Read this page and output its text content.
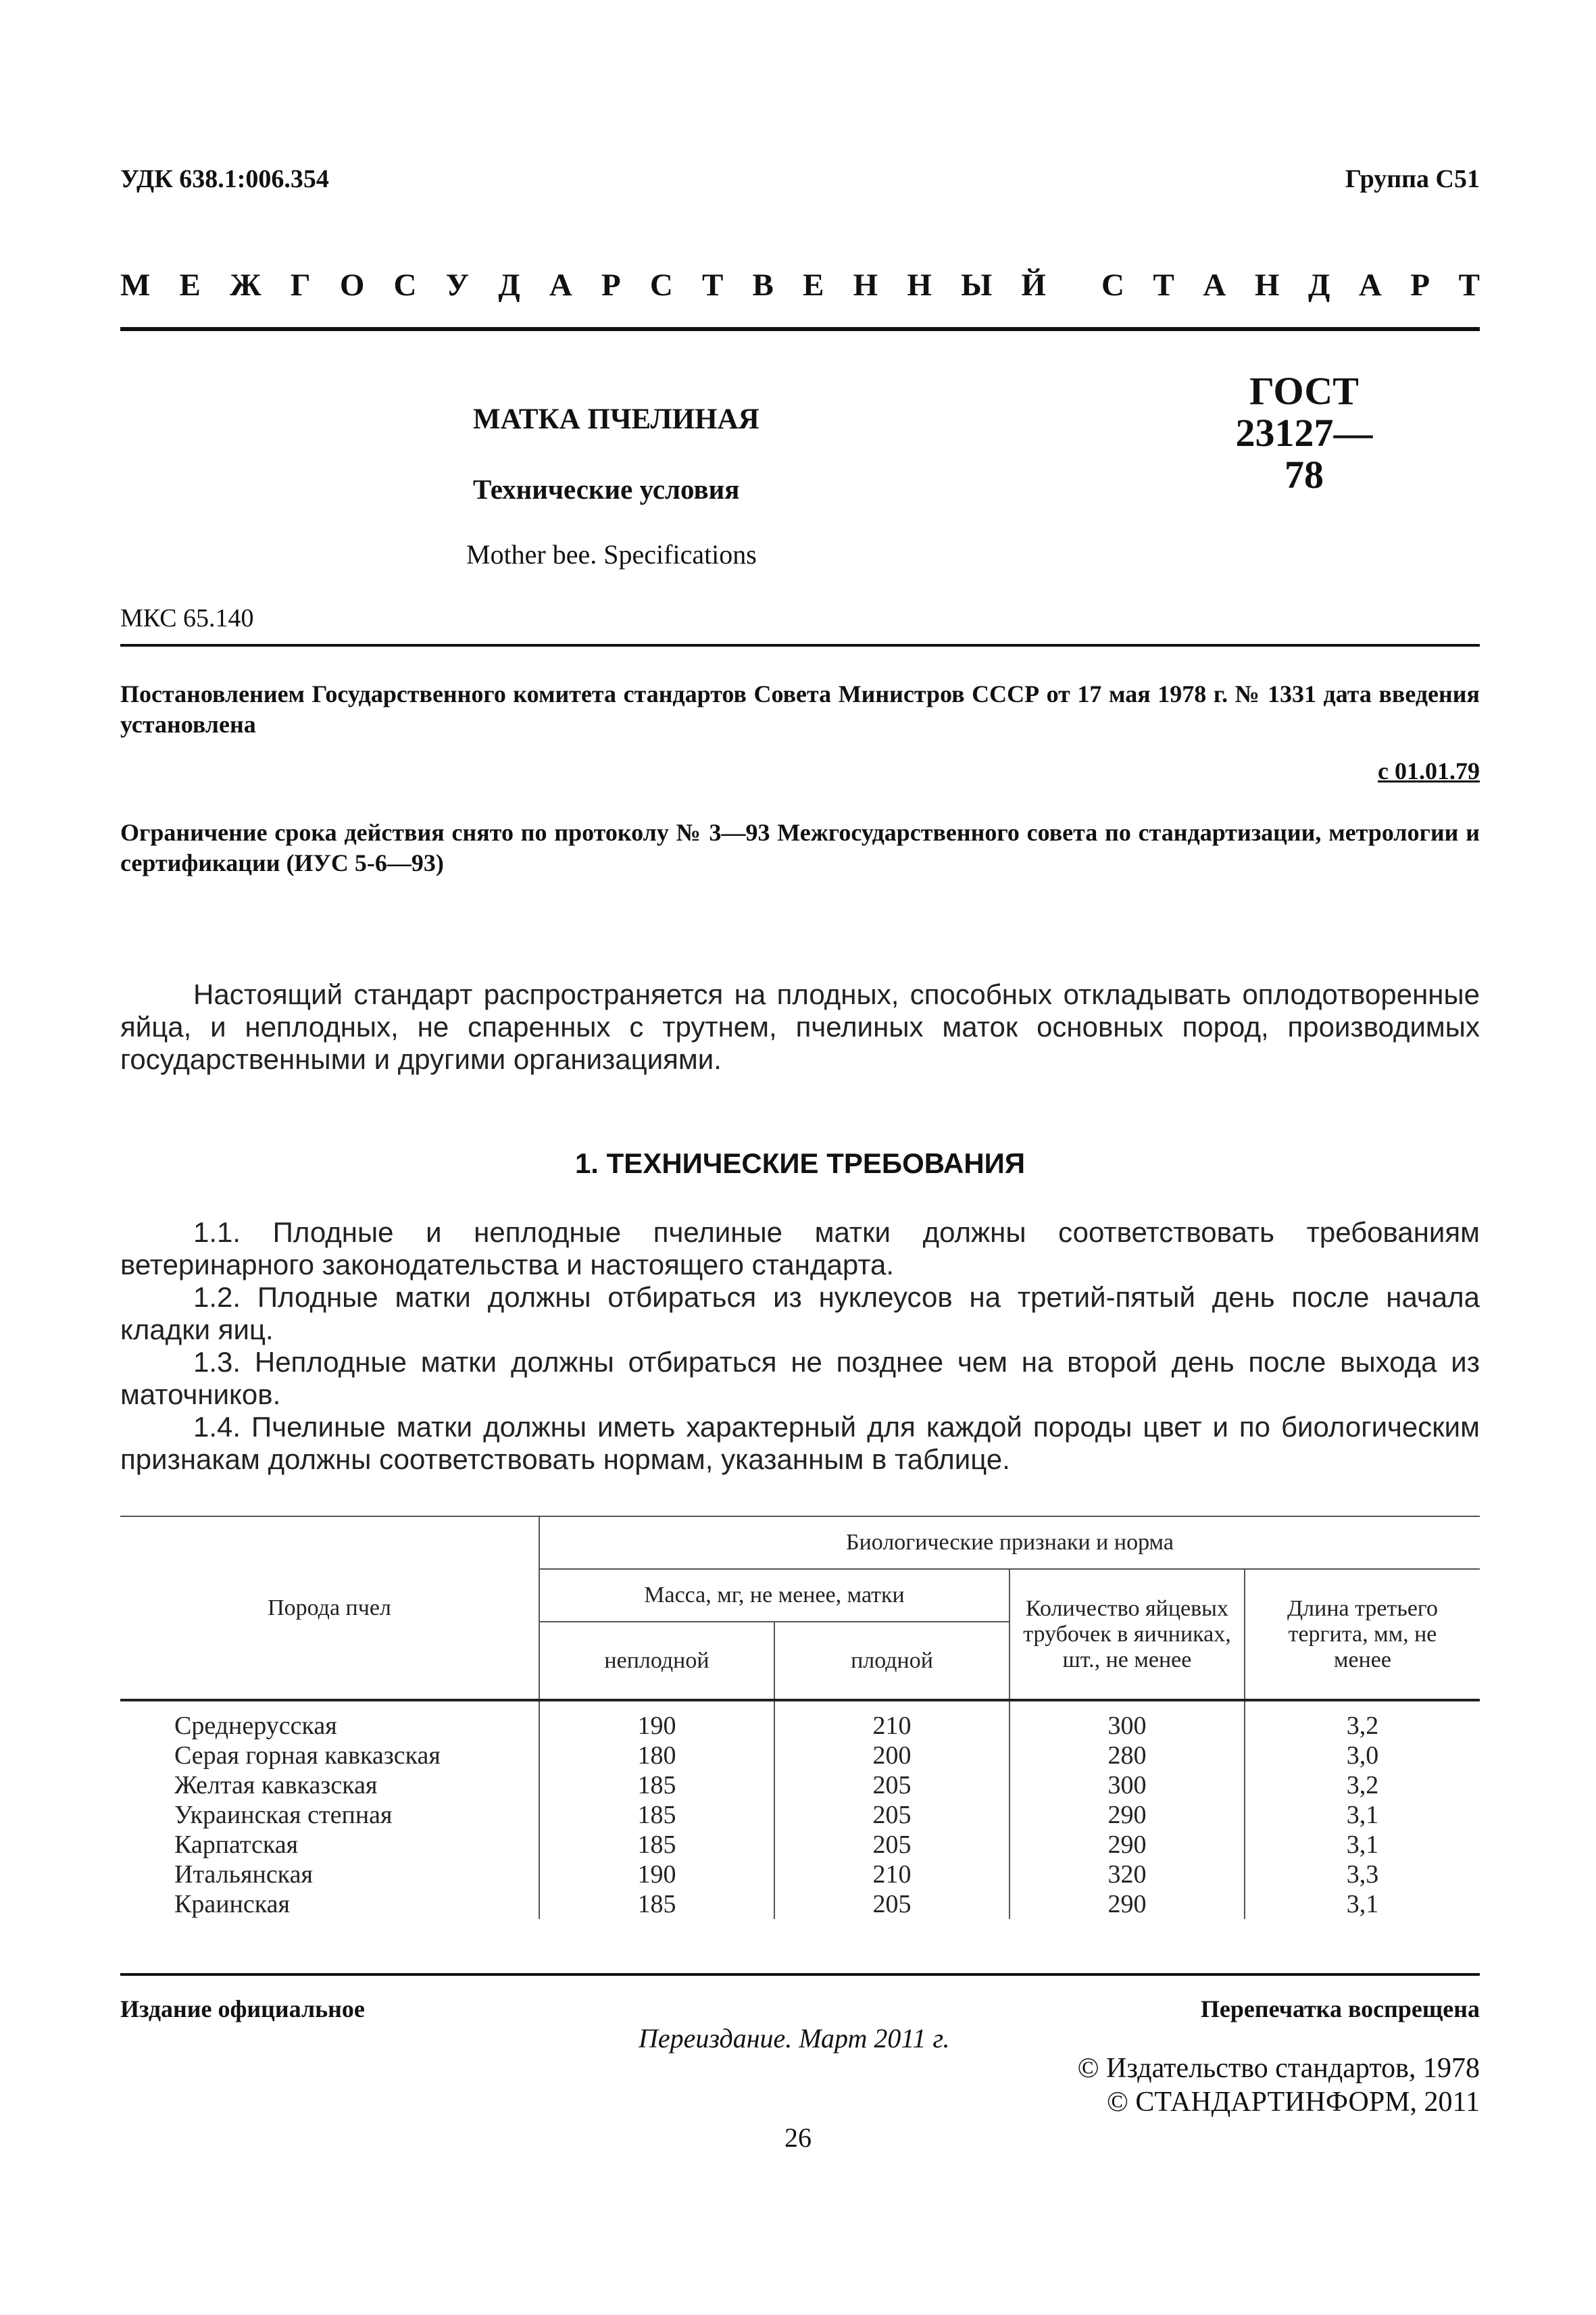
УДК 638.1:006.354	Группа С51
М Е Ж Г О С У Д А Р С Т В Е Н Н Ы Й С Т А Н Д А Р Т
МАТКА ПЧЕЛИНАЯ
ГОСТ
23127—78
Технические условия
Mother bee. Specifications
МКС 65.140
Постановлением Государственного комитета стандартов Совета Министров СССР от 17 мая 1978 г. № 1331 дата введения установлена
с 01.01.79
Ограничение срока действия снято по протоколу № 3—93 Межгосударственного совета по стандартизации, метрологии и сертификации (ИУС 5-6—93)
Настоящий стандарт распространяется на плодных, способных откладывать оплодотворенные яйца, и неплодных, не спаренных с трутнем, пчелиных маток основных пород, производимых государственными и другими организациями.
1. ТЕХНИЧЕСКИЕ ТРЕБОВАНИЯ

1.1. Плодные и неплодные пчелиные матки должны соответствовать требованиям ветеринарного законодательства и настоящего стандарта.

1.2. Плодные матки должны отбираться из нуклеусов на третий-пятый день после начала кладки яиц.

1.3. Неплодные матки должны отбираться не позднее чем на второй день после выхода из маточников.

1.4. Пчелиные матки должны иметь характерный для каждой породы цвет и по биологическим признакам должны соответствовать нормам, указанным в таблице.

Порода пчел	Биологические признаки и норма			
	Масса, мг, не менее, матки		Количество яйцевых трубочек в яичниках, шт., не менее	Длина третьего тергита, мм, не менее
	неплодной	плодной		
Среднерусская	190	210	300	3,2
Серая горная кавказская	180	200	280	3,0
Желтая кавказская	185	205	300	3,2
Украинская степная	185	205	290	3,1
Карпатская	185	205	290	3,1
Итальянская	190	210	320	3,3
Краинская	185	205	290	3,1
Издание официальное	Перепечатка воспрещена
Переиздание. Март 2011 г.
© Издательство стандартов, 1978
© СТАНДАРТИНФОРМ, 2011
26
